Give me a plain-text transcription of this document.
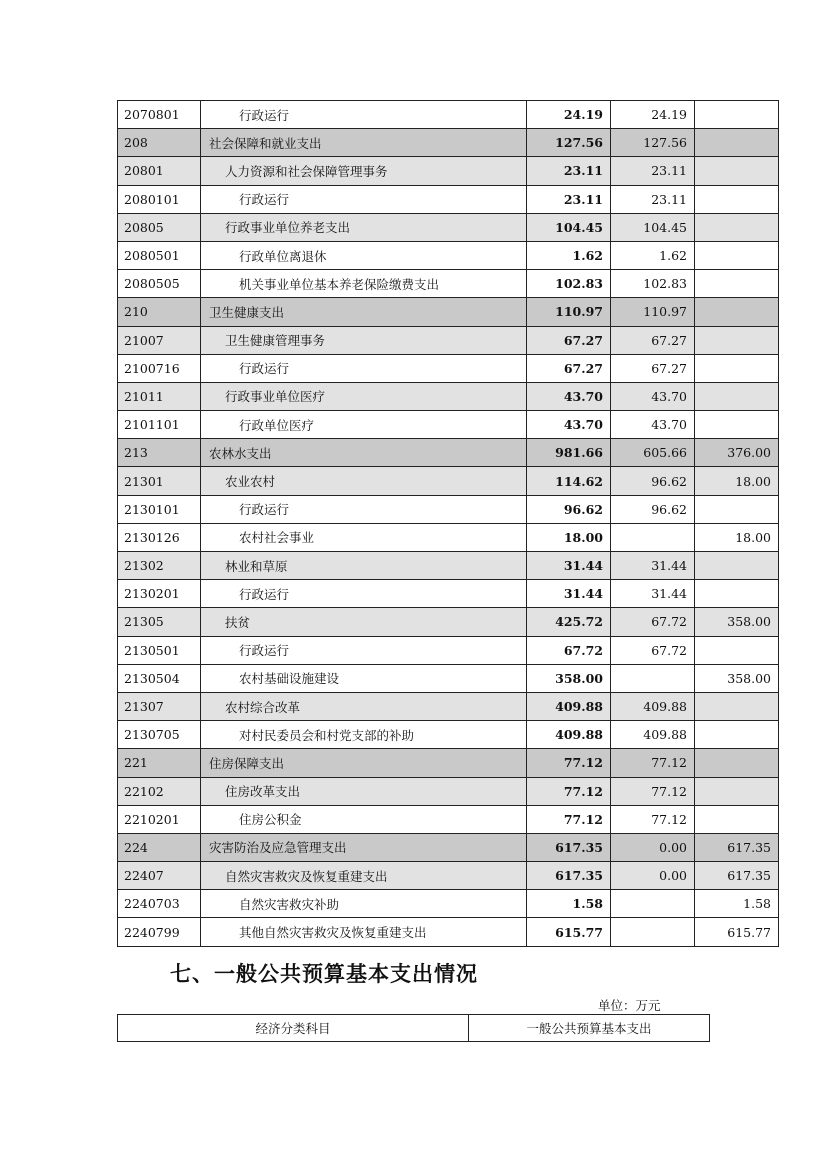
2070801	行政运行	24.19	24.19	
208	社会保障和就业支出	127.56	127.56	
20801	人力资源和社会保障管理事务	23.11	23.11	
2080101	行政运行	23.11	23.11	
20805	行政事业单位养老支出	104.45	104.45	
2080501	行政单位离退休	1.62	1.62	
2080505	机关事业单位基本养老保险缴费支出	102.83	102.83	
210	卫生健康支出	110.97	110.97	
21007	卫生健康管理事务	67.27	67.27	
2100716	行政运行	67.27	67.27	
21011	行政事业单位医疗	43.70	43.70	
2101101	行政单位医疗	43.70	43.70	
213	农林水支出	981.66	605.66	376.00
21301	农业农村	114.62	96.62	18.00
2130101	行政运行	96.62	96.62	
2130126	农村社会事业	18.00		18.00
21302	林业和草原	31.44	31.44	
2130201	行政运行	31.44	31.44	
21305	扶贫	425.72	67.72	358.00
2130501	行政运行	67.72	67.72	
2130504	农村基础设施建设	358.00		358.00
21307	农村综合改革	409.88	409.88	
2130705	对村民委员会和村党支部的补助	409.88	409.88	
221	住房保障支出	77.12	77.12	
22102	住房改革支出	77.12	77.12	
2210201	住房公积金	77.12	77.12	
224	灾害防治及应急管理支出	617.35	0.00	617.35
22407	自然灾害救灾及恢复重建支出	617.35	0.00	617.35
2240703	自然灾害救灾补助	1.58		1.58
2240799	其他自然灾害救灾及恢复重建支出	615.77		615.77
七、一般公共预算基本支出情况
单位：万元
经济分类科目	一般公共预算基本支出
